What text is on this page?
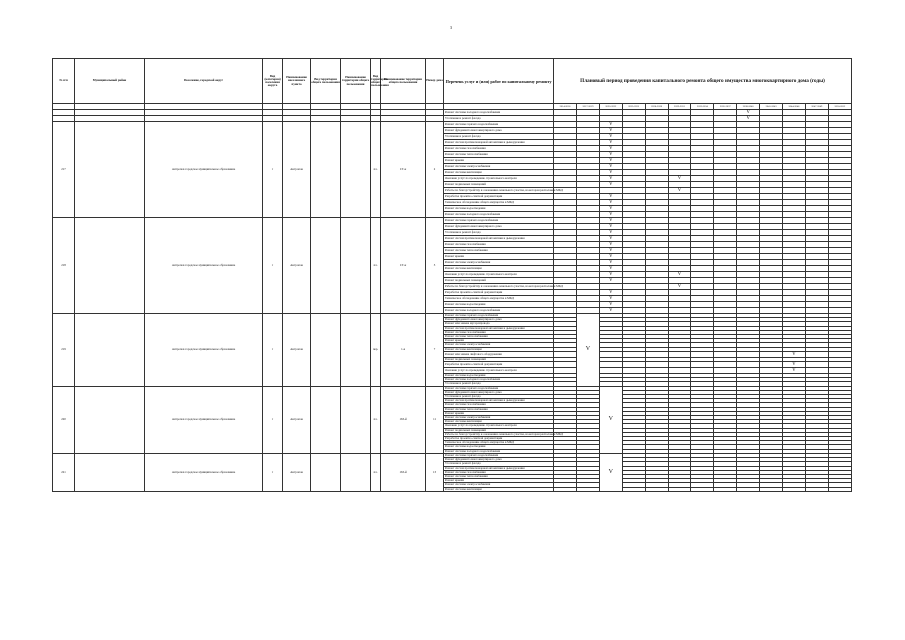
3
№ п/п	Муниципальный район	Поселение, городской округ	Вид (категория) поселения округа	Наименование населенного пункта	Вид территории общего пользования	Наименование территории общего пользования	Вид территории общего пользования	Наименование территории общего пользования	Номер дома	Перечень услуг и (или) работ по капитальному ремонту	Плановый период проведения капитального ремонта общего имущества многоквартирного дома (годы)												
											2014-2016	2017-2019	2020-2022	2023-2025	2026-2028	2029-2031	2032-2034	2035-2037	2038-2040	2041-2043	2044-2046	2047-2049	2050-2052
										Ремонт системы холодного водоснабжения									V				
										Утепление и ремонт фасада									V				
217		Антропов городское муниципальное образование	г	Антропов			пл.	СТ-н	2	Ремонт системы горячего водоснабжения			V										
										Ремонт фундамента многоквартирного дома			V										
										Утепление и ремонт фасада			V										
										Ремонт систем противопожарной автоматики и дымоудаления			V										
										Ремонт системы газоснабжения			V										
										Ремонт системы теплоснабжения			V										
										Ремонт крыши			V										
										Ремонт системы электроснабжения			V										
										Ремонт системы вентиляции			V										
										Оказание услуг по проведению строительного контроля			V			V							
										Ремонт подвальных помещений			V										
										Работы по благоустройству и озеленению земельного участка, на котором расположен МКД						V							
										Разработка проектно-сметной документации			V										
										Техническое обследование общего имущества в МКД			V										
										Ремонт системы водоотведения			V										
										Ремонт системы холодного водоснабжения			V										
218		Антропов городское муниципальное образование	г	Антропов			пл.	СТ-н	3	Ремонт системы горячего водоснабжения			V										
										Ремонт фундамента многоквартирного дома			V										
										Утепление и ремонт фасада			V										
										Ремонт систем противопожарной автоматики и дымоудаления			V										
										Ремонт системы газоснабжения			V										
										Ремонт системы теплоснабжения			V										
										Ремонт крыши			V										
										Ремонт системы электроснабжения			V										
										Ремонт системы вентиляции			V										
										Оказание услуг по проведению строительного контроля			V			V							
										Ремонт подвальных помещений			V										
										Работы по благоустройству и озеленению земельного участка, на котором расположен МКД						V							
										Разработка проектно-сметной документации			V										
										Техническое обследование общего имущества в МКД			V										
										Ремонт системы водоотведения			V										
										Ремонт системы холодного водоснабжения			V										
219		Антропов городское муниципальное образование	г	Антропов			пер.	1-я	7	Ремонт системы горячего водоснабжения		V											
										Ремонт фундамента многоквартирного дома													
										Ремонт или замена мусоропровода													
										Ремонт систем противопожарной автоматики и дымоудаления													
										Ремонт системы газоснабжения													
										Ремонт системы теплоснабжения													
										Ремонт крыши													
										Ремонт системы электроснабжения													
										Ремонт системы вентиляции													
										Ремонт или замена лифтового оборудования											V		
										Ремонт подвальных помещений													
										Разработка проектно-сметной документации											V		
										Оказание услуг по проведению строительного контроля											V		
										Ремонт системы водоотведения													
										Ремонт системы холодного водоснабжения													
										Утепление и ремонт фасада													
220		Антропов городское муниципальное образование	г	Антропов			пл.	163-й	11	Ремонт системы горячего водоснабжения			V										
										Ремонт фундамента многоквартирного дома													
										Утепление и ремонт фасада													
										Ремонт систем противопожарной автоматики и дымоудаления													
										Ремонт системы газоснабжения													
										Ремонт системы теплоснабжения													
										Ремонт крыши													
										Ремонт системы электроснабжения													
										Ремонт системы вентиляции													
										Оказание услуг по проведению строительного контроля													
										Ремонт подвальных помещений													
										Работы по благоустройству и озеленению земельного участка, на котором расположен МКД													
										Разработка проектно-сметной документации													
										Техническое обследование общего имущества в МКД													
										Ремонт системы водоотведения													
										Ремонт системы холодного водоснабжения													
221		Антропов городское муниципальное образование	г	Антропов			пл.	163-й	13	Ремонт системы горячего водоснабжения			V										
										Ремонт фундамента многоквартирного дома													
										Утепление и ремонт фасада													
										Ремонт систем противопожарной автоматики и дымоудаления													
										Ремонт системы газоснабжения													
										Ремонт системы теплоснабжения													
										Ремонт крыши													
										Ремонт системы электроснабжения													
										Ремонт системы вентиляции													
